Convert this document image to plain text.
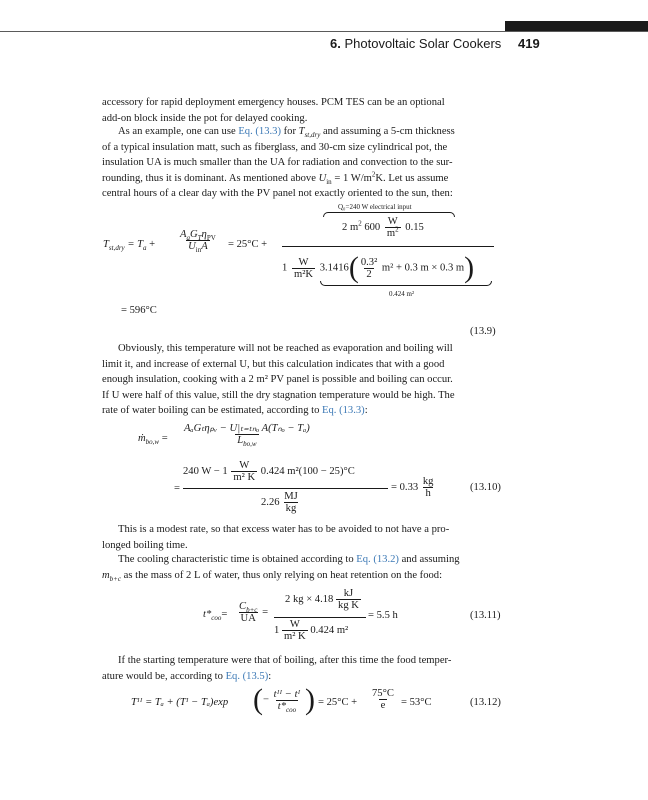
6. Photovoltaic Solar Cookers 419
accessory for rapid deployment emergency houses. PCM TES can be an optional
add-on block inside the pot for delayed cooking.
As an example, one can use Eq. (13.3) for $T_{st,dry}$ and assuming a 5-cm thickness
of a typical insulation matt, such as fiberglass, and 30-cm size cylindrical pot, the
insulation UA is much smaller than the UA for radiation and convection to the sur-
rounding, thus it is dominant. As mentioned above $U_{in} = 1$ $W/m^2K$. Let us assume
central hours of a clear day with the PV panel not exactly oriented to the sun, then:
Q₀=240 W electrical input
$T_{st,dry} = T_a + \frac{A_aG_T\eta_{PV}}{U_{in}A} = 25^\circ C$ +
2 $m^2$ $600 \frac{W}{m^2} 0.15$
$1 \frac{W}{\text{m²K}} 3.1416( \frac{\text{0.3²}}{2} m^2 + 0.3$ m × 0.3 m)
0.424 m²
= 596°C
(13.9)
Obviously, this temperature will not be reached as evaporation and boiling will
limit it, and increase of external U, but this calculation indicates that with a good
enough insulation, cooking with a 2 m² PV panel is possible and boiling can occur.
If U were half of this value, still the dry stagnation temperature would be high. The
rate of water boiling can be estimated, according to Eq. (13.3):
ṁ$_{bo,w}$ = $\frac{\text{AₐGₜηₚᵥ − U|ₜ₌ₜₙₒ A(Tₙₒ − Tₐ)}}{L_{bo,w}}$
=
240 $W - 1 \frac{W}{\text{m² K}} 0.424$ m²(100 − 25)°C
$2.26 \frac{MJ}{kg}$
= $0.33 \frac{kg}{h}$	(13.10)
This is a modest rate, so that excess water has to be avoided to not have a pro-
longed boiling time.
The cooling characteristic time is obtained according to Eq. (13.2) and assuming
$m_{b+c}$ as the mass of 2 L of water, thus only relying on heat retention on the food:
$t*_{coo}= \frac{C_{b+c}}{UA}$ =
2 kg × $4.18 \frac{kJ}{\text{kg K}}$
$1 \frac{W}{\text{m² K}} 0.424$ m²
= 5.5 h	(13.11)
If the starting temperature were that of boiling, after this time the food temper-
ature would be, according to Eq. (13.5):
Tᴵᴵ = Tₐ + (Tᴵ − Tₐ)exp (− $\frac{\text{tᴵᴵ − tᴵ}}{t*_{coo}}$ ) = $25^\circ C + \frac{75^\circ C}{e} = 53^\circ C$	(13.12)
